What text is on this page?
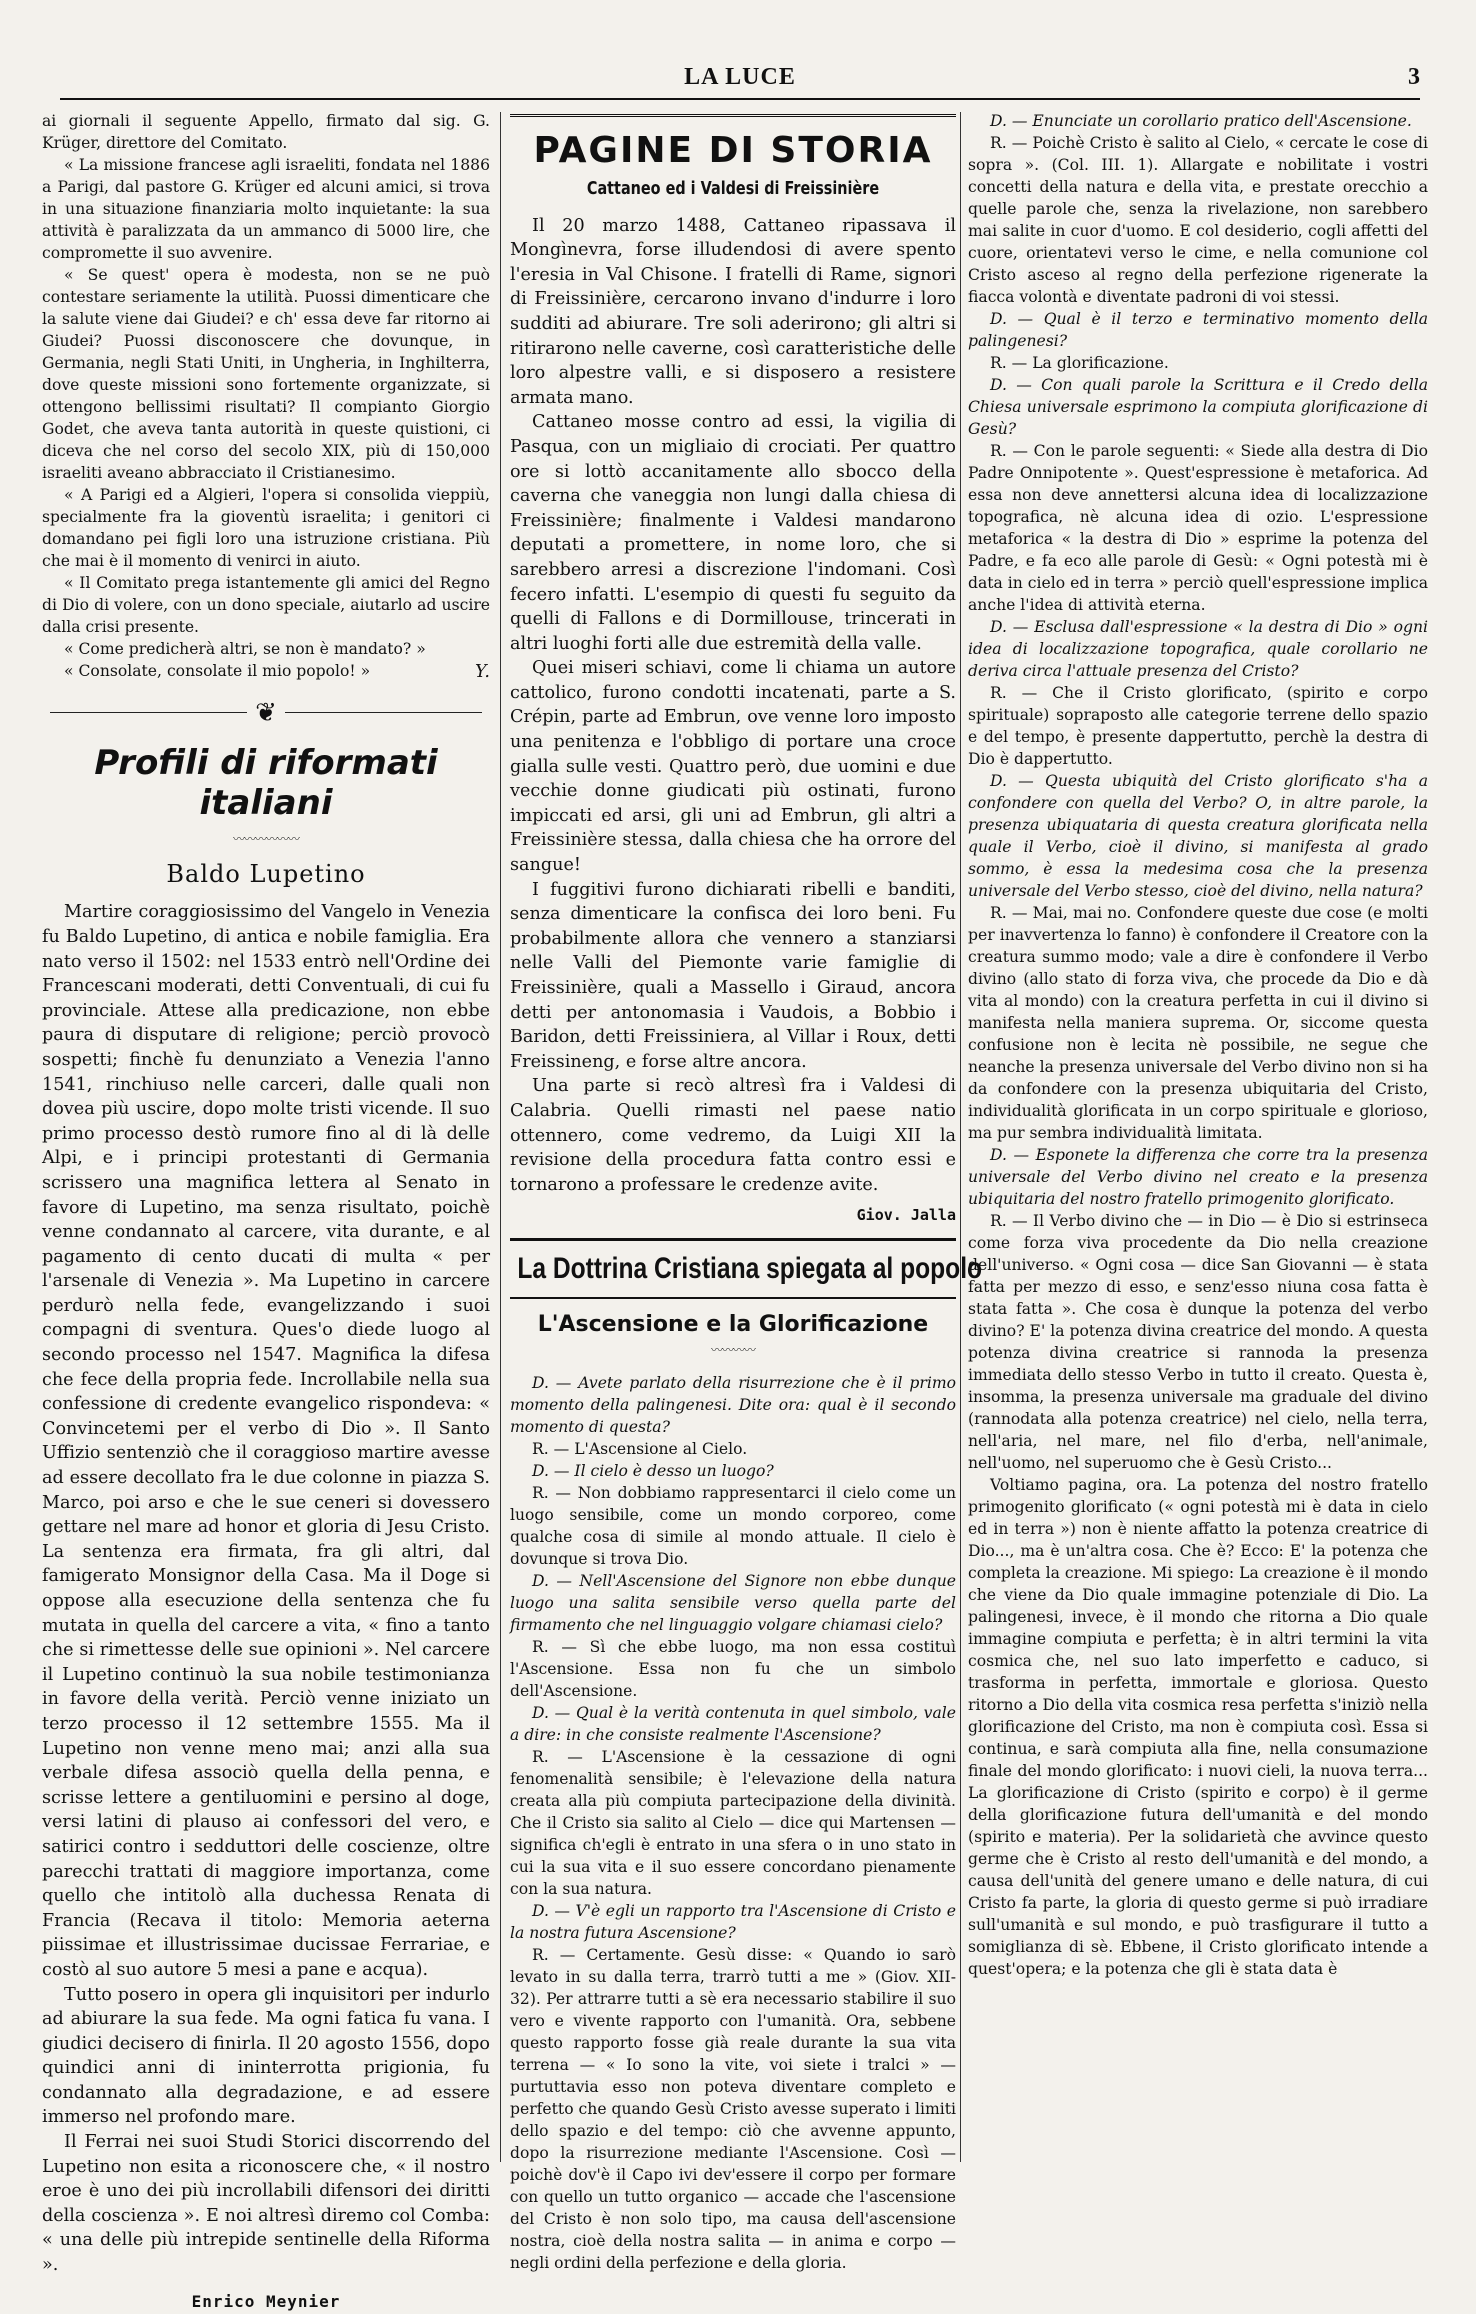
LA LUCE	3

ai giornali il seguente Appello, firmato dal sig. G. Krüger, direttore del Comitato.

« La missione francese agli israeliti, fondata nel 1886 a Parigi, dal pastore G. Krüger ed alcuni amici, si trova in una situazione finanziaria molto inquietante: la sua attività è paralizzata da un ammanco di 5000 lire, che compromette il suo avvenire.

« Se quest' opera è modesta, non se ne può contestare seriamente la utilità. Puossi dimenticare che la salute viene dai Giudei? e ch' essa deve far ritorno ai Giudei? Puossi disconoscere che dovunque, in Germania, negli Stati Uniti, in Ungheria, in Inghilterra, dove queste missioni sono fortemente organizzate, si ottengono bellissimi risultati? Il compianto Giorgio Godet, che aveva tanta autorità in queste quistioni, ci diceva che nel corso del secolo XIX, più di 150,000 israeliti aveano abbracciato il Cristianesimo.

« A Parigi ed a Algieri, l'opera si consolida vieppiù, specialmente fra la gioventù israelita; i genitori ci domandano pei figli loro una istruzione cristiana. Più che mai è il momento di venirci in aiuto.

« Il Comitato prega istantemente gli amici del Regno di Dio di volere, con un dono speciale, aiutarlo ad uscire dalla crisi presente.

« Come predicherà altri, se non è mandato? »

« Consolate, consolate il mio popolo! »	Y.
❦
Profili di riformati italiani
〰〰〰〰〰〰
Baldo Lupetino

Martire coraggiosissimo del Vangelo in Venezia fu Baldo Lupetino, di antica e nobile famiglia. Era nato verso il 1502: nel 1533 entrò nell'Ordine dei Francescani moderati, detti Conventuali, di cui fu provinciale. Attese alla predicazione, non ebbe paura di disputare di religione; perciò provocò sospetti; finchè fu denunziato a Venezia l'anno 1541, rinchiuso nelle carceri, dalle quali non dovea più uscire, dopo molte tristi vicende. Il suo primo processo destò rumore fino al di là delle Alpi, e i principi protestanti di Germania scrissero una magnifica lettera al Senato in favore di Lupetino, ma senza risultato, poichè venne condannato al carcere, vita durante, e al pagamento di cento ducati di multa « per l'arsenale di Venezia ». Ma Lupetino in carcere perdurò nella fede, evangelizzando i suoi compagni di sventura. Ques'o diede luogo al secondo processo nel 1547. Magnifica la difesa che fece della propria fede. Incrollabile nella sua confessione di credente evangelico rispondeva: « Convincetemi per el verbo di Dio ». Il Santo Uffizio sentenziò che il coraggioso martire avesse ad essere decollato fra le due colonne in piazza S. Marco, poi arso e che le sue ceneri si dovessero gettare nel mare ad honor et gloria di Jesu Cristo. La sentenza era firmata, fra gli altri, dal famigerato Monsignor della Casa. Ma il Doge si oppose alla esecuzione della sentenza che fu mutata in quella del carcere a vita, « fino a tanto che si rimettesse delle sue opinioni ». Nel carcere il Lupetino continuò la sua nobile testimonianza in favore della verità. Perciò venne iniziato un terzo processo il 12 settembre 1555. Ma il Lupetino non venne meno mai; anzi alla sua verbale difesa associò quella della penna, e scrisse lettere a gentiluomini e persino al doge, versi latini di plauso ai confessori del vero, e satirici contro i sedduttori delle coscienze, oltre parecchi trattati di maggiore importanza, come quello che intitolò alla duchessa Renata di Francia (Recava il titolo: Memoria aeterna piissimae et illustrissimae ducissae Ferrariae, e costò al suo autore 5 mesi a pane e acqua).

Tutto posero in opera gli inquisitori per indurlo ad abiurare la sua fede. Ma ogni fatica fu vana. I giudici decisero di finirla. Il 20 agosto 1556, dopo quindici anni di ininterrotta prigionia, fu condannato alla degradazione, e ad essere immerso nel profondo mare.

Il Ferrai nei suoi Studi Storici discorrendo del Lupetino non esita a riconoscere che, « il nostro eroe è uno dei più incrollabili difensori dei diritti della coscienza ». E noi altresì diremo col Comba: « una delle più intrepide sentinelle della Riforma ».

Enrico Meynier
PAGINE DI STORIA
Cattaneo ed i Valdesi di Freissinière

Il 20 marzo 1488, Cattaneo ripassava il Mongìnevra, forse illudendosi di avere spento l'eresia in Val Chisone. I fratelli di Rame, signori di Freissinière, cercarono invano d'indurre i loro sudditi ad abiurare. Tre soli aderirono; gli altri si ritirarono nelle caverne, così caratteristiche delle loro alpestre valli, e si disposero a resistere armata mano.

Cattaneo mosse contro ad essi, la vigilia di Pasqua, con un migliaio di crociati. Per quattro ore si lottò accanitamente allo sbocco della caverna che vaneggia non lungi dalla chiesa di Freissinière; finalmente i Valdesi mandarono deputati a promettere, in nome loro, che si sarebbero arresi a discrezione l'indomani. Così fecero infatti. L'esempio di questi fu seguito da quelli di Fallons e di Dormillouse, trincerati in altri luoghi forti alle due estremità della valle.

Quei miseri schiavi, come li chiama un autore cattolico, furono condotti incatenati, parte a S. Crépin, parte ad Embrun, ove venne loro imposto una penitenza e l'obbligo di portare una croce gialla sulle vesti. Quattro però, due uomini e due vecchie donne giudicati più ostinati, furono impiccati ed arsi, gli uni ad Embrun, gli altri a Freissinière stessa, dalla chiesa che ha orrore del sangue!

I fuggitivi furono dichiarati ribelli e banditi, senza dimenticare la confisca dei loro beni. Fu probabilmente allora che vennero a stanziarsi nelle Valli del Piemonte varie famiglie di Freissinière, quali a Massello i Giraud, ancora detti per antonomasia i Vaudois, a Bobbio i Baridon, detti Freissiniera, al Villar i Roux, detti Freissineng, e forse altre ancora.

Una parte si recò altresì fra i Valdesi di Calabria. Quelli rimasti nel paese natio ottennero, come vedremo, da Luigi XII la revisione della procedura fatta contro essi e tornarono a professare le credenze avite.

Giov. Jalla
La Dottrina Cristiana spiegata al popolo
L'Ascensione e la Glorificazione
〰〰〰〰

D. — Avete parlato della risurrezione che è il primo momento della palingenesi. Dite ora: qual è il secondo momento di questa?

R. — L'Ascensione al Cielo.

D. — Il cielo è desso un luogo?

R. — Non dobbiamo rappresentarci il cielo come un luogo sensibile, come un mondo corporeo, come qualche cosa di simile al mondo attuale. Il cielo è dovunque si trova Dio.

D. — Nell'Ascensione del Signore non ebbe dunque luogo una salita sensibile verso quella parte del firmamento che nel linguaggio volgare chiamasi cielo?

R. — Sì che ebbe luogo, ma non essa costituì l'Ascensione. Essa non fu che un simbolo dell'Ascensione.

D. — Qual è la verità contenuta in quel simbolo, vale a dire: in che consiste realmente l'Ascensione?

R. — L'Ascensione è la cessazione di ogni fenomenalità sensibile; è l'elevazione della natura creata alla più compiuta partecipazione della divinità. Che il Cristo sia salito al Cielo — dice qui Martensen — significa ch'egli è entrato in una sfera o in uno stato in cui la sua vita e il suo essere concordano pienamente con la sua natura.

D. — V'è egli un rapporto tra l'Ascensione di Cristo e la nostra futura Ascensione?

R. — Certamente. Gesù disse: « Quando io sarò levato in su dalla terra, trarrò tutti a me » (Giov. XII-32). Per attrarre tutti a sè era necessario stabilire il suo vero e vivente rapporto con l'umanità. Ora, sebbene questo rapporto fosse già reale durante la sua vita terrena — « Io sono la vite, voi siete i tralci » — purtuttavia esso non poteva diventare completo e perfetto che quando Gesù Cristo avesse superato i limiti dello spazio e del tempo: ciò che avvenne appunto, dopo la risurrezione mediante l'Ascensione. Così — poichè dov'è il Capo ivi dev'essere il corpo per formare con quello un tutto organico — accade che l'ascensione del Cristo è non solo tipo, ma causa dell'ascensione nostra, cioè della nostra salita — in anima e corpo — negli ordini della perfezione e della gloria.

D. — Enunciate un corollario pratico dell'Ascensione.

R. — Poichè Cristo è salito al Cielo, « cercate le cose di sopra ». (Col. III. 1). Allargate e nobilitate i vostri concetti della natura e della vita, e prestate orecchio a quelle parole che, senza la rivelazione, non sarebbero mai salite in cuor d'uomo. E col desiderio, cogli affetti del cuore, orientatevi verso le cime, e nella comunione col Cristo asceso al regno della perfezione rigenerate la fiacca volontà e diventate padroni di voi stessi.

D. — Qual è il terzo e terminativo momento della palingenesi?

R. — La glorificazione.

D. — Con quali parole la Scrittura e il Credo della Chiesa universale esprimono la compiuta glorificazione di Gesù?

R. — Con le parole seguenti: « Siede alla destra di Dio Padre Onnipotente ». Quest'espressione è metaforica. Ad essa non deve annettersi alcuna idea di localizzazione topografica, nè alcuna idea di ozio. L'espressione metaforica « la destra di Dio » esprime la potenza del Padre, e fa eco alle parole di Gesù: « Ogni potestà mi è data in cielo ed in terra » perciò quell'espressione implica anche l'idea di attività eterna.

D. — Esclusa dall'espressione « la destra di Dio » ogni idea di localizzazione topografica, quale corollario ne deriva circa l'attuale presenza del Cristo?

R. — Che il Cristo glorificato, (spirito e corpo spirituale) sopraposto alle categorie terrene dello spazio e del tempo, è presente dappertutto, perchè la destra di Dio è dappertutto.

D. — Questa ubiquità del Cristo glorificato s'ha a confondere con quella del Verbo? O, in altre parole, la presenza ubiquataria di questa creatura glorificata nella quale il Verbo, cioè il divino, si manifesta al grado sommo, è essa la medesima cosa che la presenza universale del Verbo stesso, cioè del divino, nella natura?

R. — Mai, mai no. Confondere queste due cose (e molti per inavvertenza lo fanno) è confondere il Creatore con la creatura summo modo; vale a dire è confondere il Verbo divino (allo stato di forza viva, che procede da Dio e dà vita al mondo) con la creatura perfetta in cui il divino si manifesta nella maniera suprema. Or, siccome questa confusione non è lecita nè possibile, ne segue che neanche la presenza universale del Verbo divino non si ha da confondere con la presenza ubiquitaria del Cristo, individualità glorificata in un corpo spirituale e glorioso, ma pur sembra individualità limitata.

D. — Esponete la differenza che corre tra la presenza universale del Verbo divino nel creato e la presenza ubiquitaria del nostro fratello primogenito glorificato.

R. — Il Verbo divino che — in Dio — è Dio si estrinseca come forza viva procedente da Dio nella creazione dell'universo. « Ogni cosa — dice San Giovanni — è stata fatta per mezzo di esso, e senz'esso niuna cosa fatta è stata fatta ». Che cosa è dunque la potenza del verbo divino? E' la potenza divina creatrice del mondo. A questa potenza divina creatrice si rannoda la presenza immediata dello stesso Verbo in tutto il creato. Questa è, insomma, la presenza universale ma graduale del divino (rannodata alla potenza creatrice) nel cielo, nella terra, nell'aria, nel mare, nel filo d'erba, nell'animale, nell'uomo, nel superuomo che è Gesù Cristo...

Voltiamo pagina, ora. La potenza del nostro fratello primogenito glorificato (« ogni potestà mi è data in cielo ed in terra ») non è niente affatto la potenza creatrice di Dio..., ma è un'altra cosa. Che è? Ecco: E' la potenza che completa la creazione. Mi spiego: La creazione è il mondo che viene da Dio quale immagine potenziale di Dio. La palingenesi, invece, è il mondo che ritorna a Dio quale immagine compiuta e perfetta; è in altri termini la vita cosmica che, nel suo lato imperfetto e caduco, si trasforma in perfetta, immortale e gloriosa. Questo ritorno a Dio della vita cosmica resa perfetta s'iniziò nella glorificazione del Cristo, ma non è compiuta così. Essa si continua, e sarà compiuta alla fine, nella consumazione finale del mondo glorificato: i nuovi cieli, la nuova terra... La glorificazione di Cristo (spirito e corpo) è il germe della glorificazione futura dell'umanità e del mondo (spirito e materia). Per la solidarietà che avvince questo germe che è Cristo al resto dell'umanità e del mondo, a causa dell'unità del genere umano e delle natura, di cui Cristo fa parte, la gloria di questo germe si può irradiare sull'umanità e sul mondo, e può trasfigurare il tutto a somiglianza di sè. Ebbene, il Cristo glorificato intende a quest'opera; e la potenza che gli è stata data è
